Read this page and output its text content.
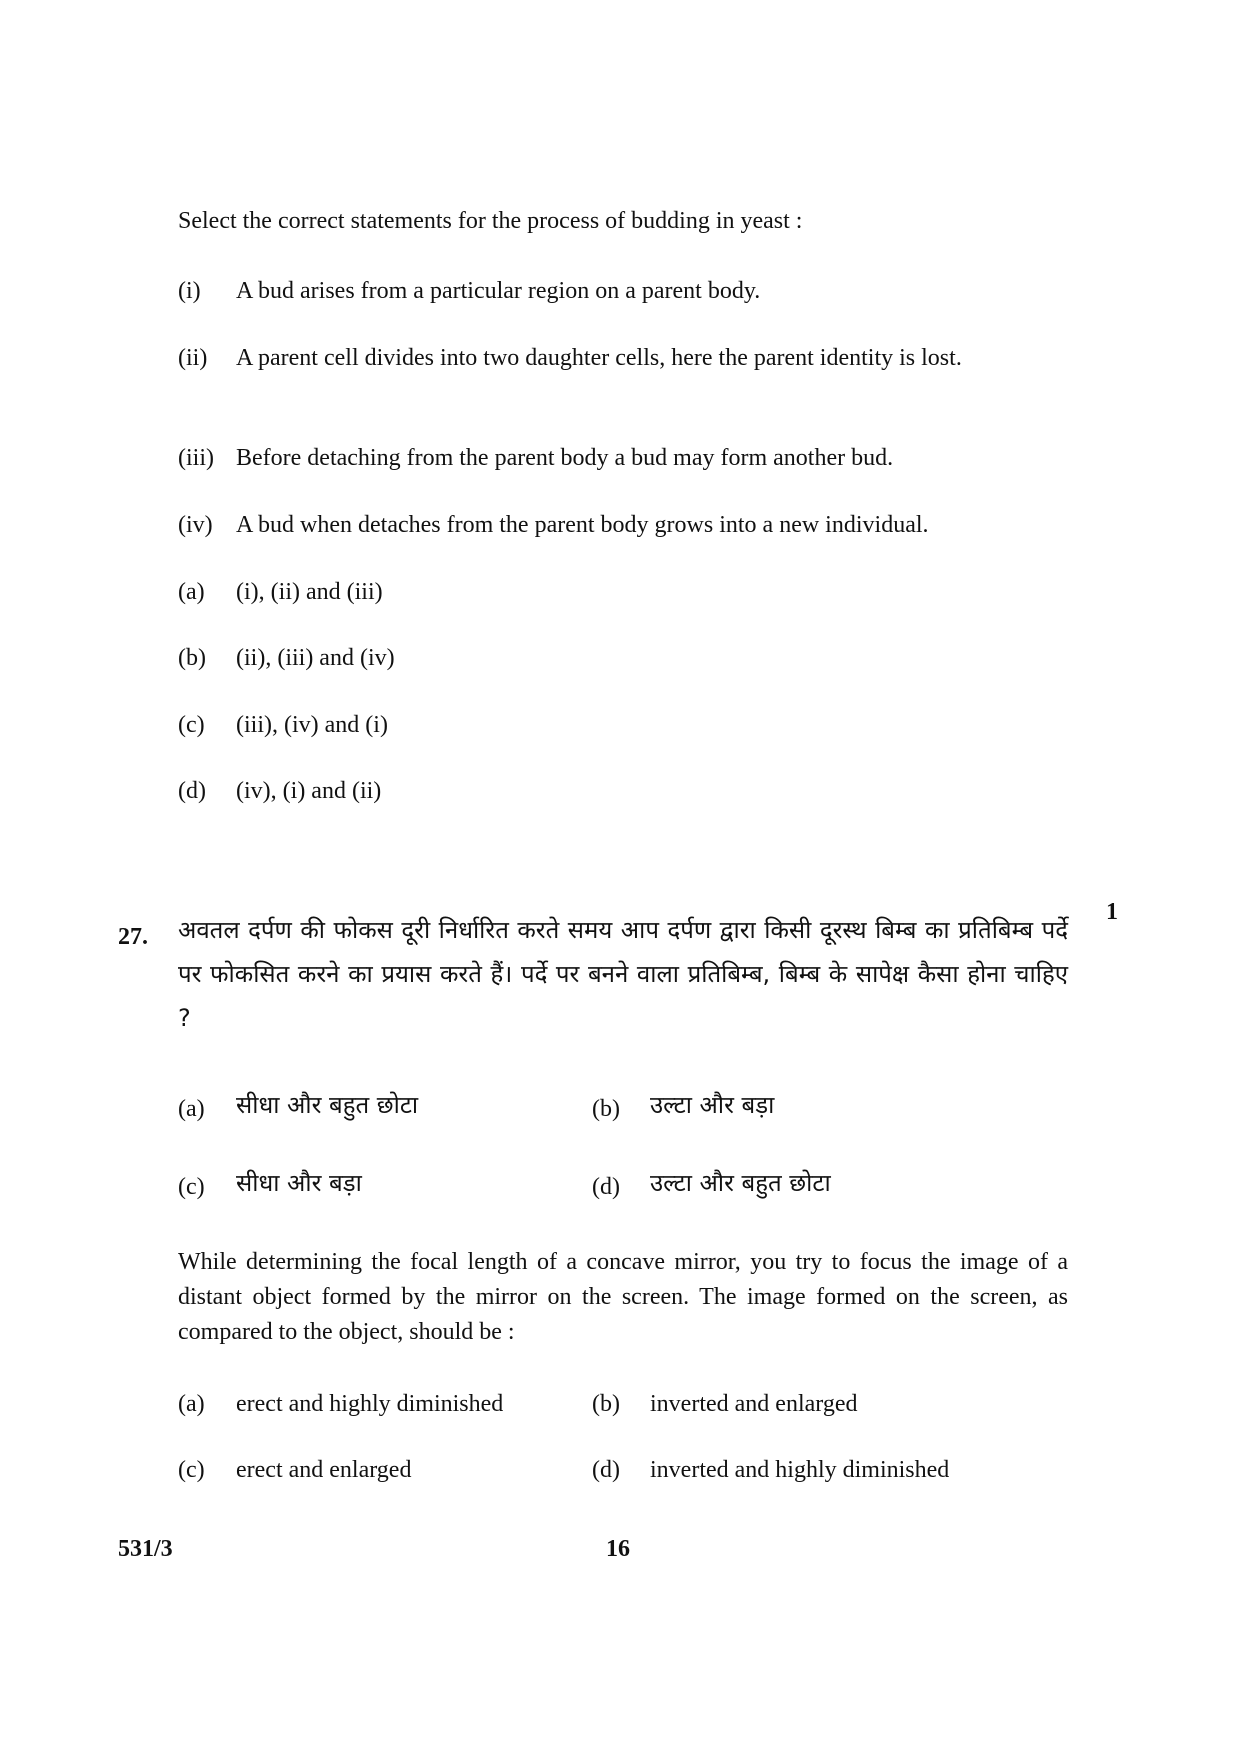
Select the correct statements for the process of budding in yeast :
(i) A bud arises from a particular region on a parent body.
(ii) A parent cell divides into two daughter cells, here the parent identity is lost.
(iii) Before detaching from the parent body a bud may form another bud.
(iv) A bud when detaches from the parent body grows into a new individual.
(a) (i), (ii) and (iii)
(b) (ii), (iii) and (iv)
(c) (iii), (iv) and (i)
(d) (iv), (i) and (ii)
1
27. अवतल दर्पण की फोकस दूरी निर्धारित करते समय आप दर्पण द्वारा किसी दूरस्थ बिम्ब का प्रतिबिम्ब पर्दे पर फोकसित करने का प्रयास करते हैं। पर्दे पर बनने वाला प्रतिबिम्ब, बिम्ब के सापेक्ष कैसा होना चाहिए ?
(a) सीधा और बहुत छोटा	(b) उल्टा और बड़ा
(c) सीधा और बड़ा	(d) उल्टा और बहुत छोटा
While determining the focal length of a concave mirror, you try to focus the image of a distant object formed by the mirror on the screen. The image formed on the screen, as compared to the object, should be :
(a) erect and highly diminished	(b) inverted and enlarged
(c) erect and enlarged	(d) inverted and highly diminished
531/3	16
